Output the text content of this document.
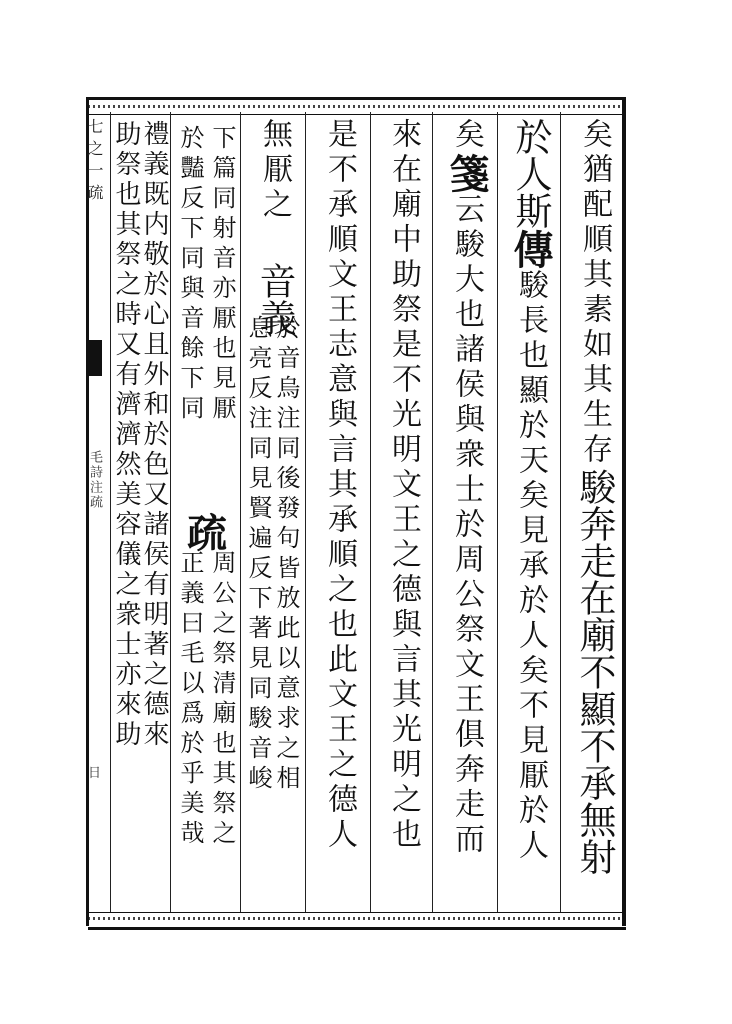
七之一疏
毛詩注疏
日
矣猶配順其素如其生存駿奔走在廟不顯不承無射
於人斯傳駿長也顯於天矣見承於人矣不見厭於人
矣箋云駿大也諸侯與衆士於周公祭文王俱奔走而
來在廟中助祭是不光明文王之德與言其光明之也
是不承順文王志意與言其承順之也此文王之德人
無厭之
音義
於音烏注同後發句皆放此以意求之相
息亮反注同見賢遍反下著見同駿音峻
下篇同射音亦厭也見厭
於豔反下同與音餘下同
疏
周公之祭清廟也其祭之
正義曰毛以爲於乎美哉
禮義既内敬於心且外和於色又諸侯有明著之德來
助祭也其祭之時又有濟濟然美容儀之衆士亦來助
